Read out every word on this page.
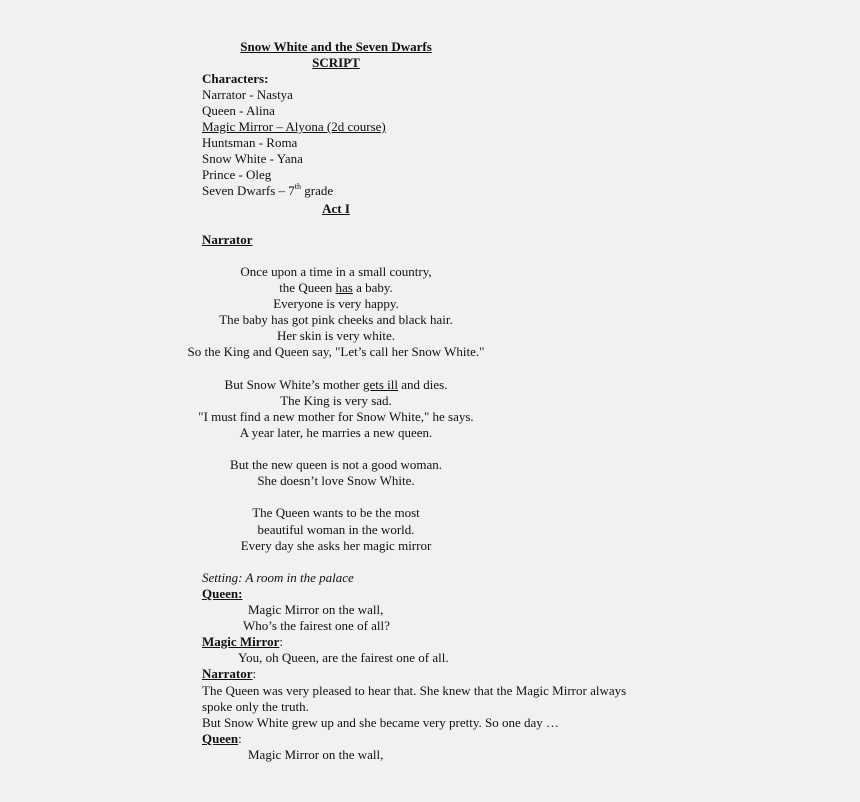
Snow White and the Seven Dwarfs
SCRIPT
Characters:
Narrator - Nastya
Queen - Alina
Magic Mirror – Alyona (2d course)
Huntsman - Roma
Snow White - Yana
Prince - Oleg
Seven Dwarfs – 7th grade
Act I
Narrator
Once upon a time in a small country,
the Queen has a baby.
Everyone is very happy.
The baby has got pink cheeks and black hair.
Her skin is very white.
So the King and Queen say, "Let’s call her Snow White."
But Snow White’s mother gets ill and dies.
The King is very sad.
"I must find a new mother for Snow White," he says.
A year later, he marries a new queen.
But the new queen is not a good woman.
She doesn’t love Snow White.
The Queen wants to be the most
beautiful woman in the world.
Every day she asks her magic mirror
Setting: A room in the palace
Queen:
Magic Mirror on the wall,
Who’s the fairest one of all?
Magic Mirror:
You, oh Queen, are the fairest one of all.
Narrator:
The Queen was very pleased to hear that. She knew that the Magic Mirror always
spoke only the truth.
But Snow White grew up and she became very pretty. So one day …
Queen:
Magic Mirror on the wall,
